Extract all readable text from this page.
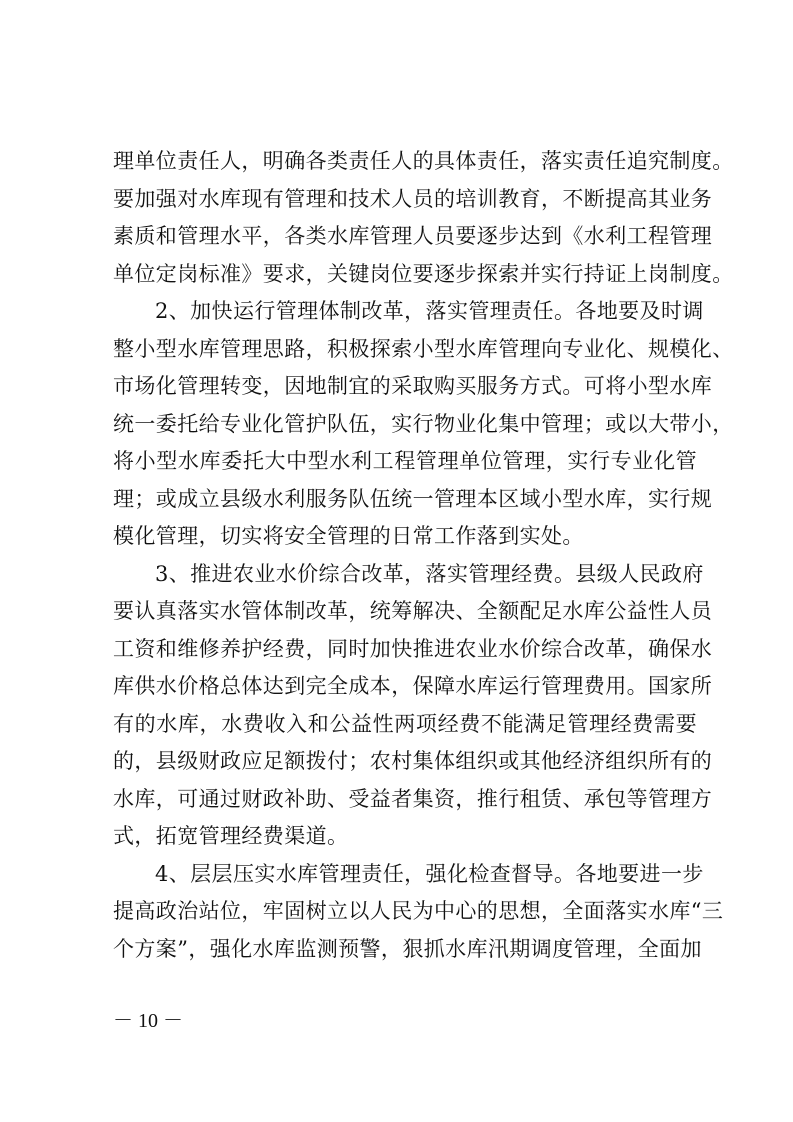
理单位责任人，明确各类责任人的具体责任，落实责任追究制度。
要加强对水库现有管理和技术人员的培训教育，不断提高其业务
素质和管理水平，各类水库管理人员要逐步达到《水利工程管理
单位定岗标准》要求，关键岗位要逐步探索并实行持证上岗制度。
2、加快运行管理体制改革，落实管理责任。各地要及时调
整小型水库管理思路，积极探索小型水库管理向专业化、规模化、
市场化管理转变，因地制宜的采取购买服务方式。可将小型水库
统一委托给专业化管护队伍，实行物业化集中管理；或以大带小，
将小型水库委托大中型水利工程管理单位管理，实行专业化管
理；或成立县级水利服务队伍统一管理本区域小型水库，实行规
模化管理，切实将安全管理的日常工作落到实处。
3、推进农业水价综合改革，落实管理经费。县级人民政府
要认真落实水管体制改革，统筹解决、全额配足水库公益性人员
工资和维修养护经费，同时加快推进农业水价综合改革，确保水
库供水价格总体达到完全成本，保障水库运行管理费用。国家所
有的水库，水费收入和公益性两项经费不能满足管理经费需要
的，县级财政应足额拨付；农村集体组织或其他经济组织所有的
水库，可通过财政补助、受益者集资，推行租赁、承包等管理方
式，拓宽管理经费渠道。
4、层层压实水库管理责任，强化检查督导。各地要进一步
提高政治站位，牢固树立以人民为中心的思想，全面落实水库“三
个方案”，强化水库监测预警，狠抓水库汛期调度管理，全面加
－ 10 －
